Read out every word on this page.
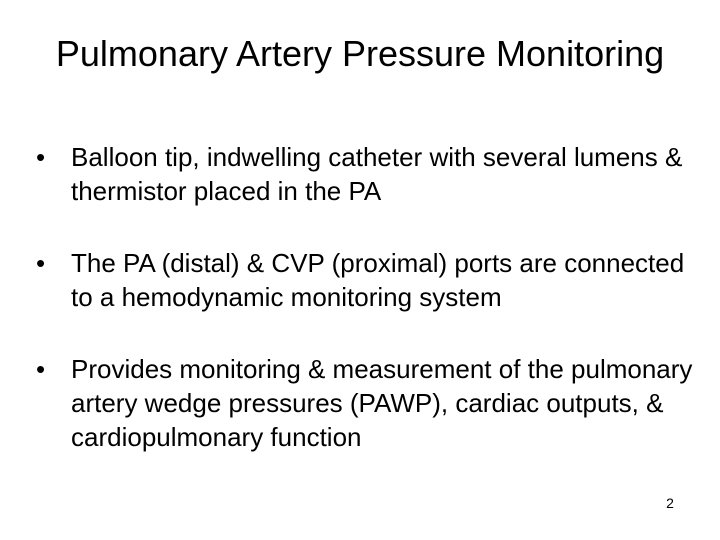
Pulmonary Artery Pressure Monitoring
• Balloon tip, indwelling catheter with several lumens & thermistor placed in the PA
• The PA (distal) & CVP (proximal) ports are connected to a hemodynamic monitoring system
• Provides monitoring & measurement of the pulmonary artery wedge pressures (PAWP), cardiac outputs, & cardiopulmonary function
2
